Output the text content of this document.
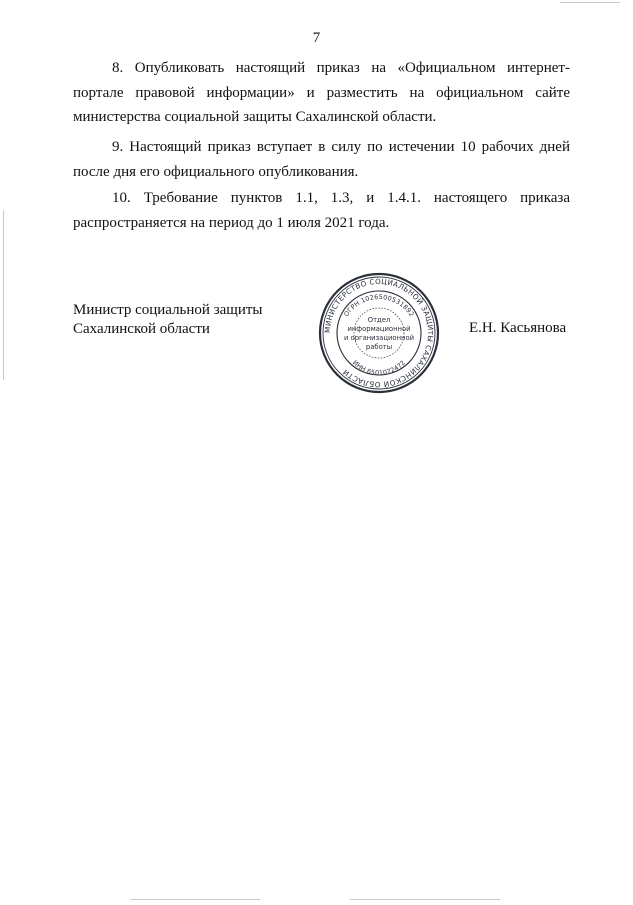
7

8. Опубликовать настоящий приказ на «Официальном интернет-портале правовой информации» и разместить на официальном сайте министерства социальной защиты Сахалинской области.

9. Настоящий приказ вступает в силу по истечении 10 рабочих дней после дня его официального опубликования.

10. Требование пунктов 1.1, 1.3, и 1.4.1. настоящего приказа распространяется на период до 1 июля 2021 года.

Министр социальной защиты
Сахалинской области	МИНИСТЕРСТВО СОЦИАЛЬНОЙ ЗАЩИТЫ САХАЛИНСКОЙ ОБЛАСТИ
ОГРН 1026500531892
ИНН 6501072472
Отдел
информационной
и организационной
работы
Е.Н. Касьянова
